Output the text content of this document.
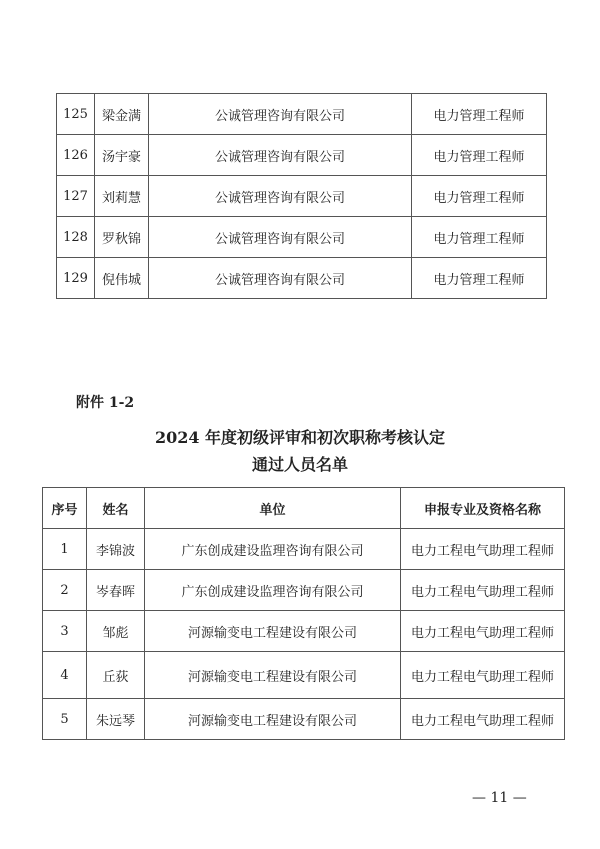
125	梁金满	公诚管理咨询有限公司	电力管理工程师
126	汤宇豪	公诚管理咨询有限公司	电力管理工程师
127	刘莉慧	公诚管理咨询有限公司	电力管理工程师
128	罗秋锦	公诚管理咨询有限公司	电力管理工程师
129	倪伟城	公诚管理咨询有限公司	电力管理工程师
附件 1-2
2024 年度初级评审和初次职称考核认定
通过人员名单
序号	姓名	单位	申报专业及资格名称
1	李锦波	广东创成建设监理咨询有限公司	电力工程电气助理工程师
2	岑春晖	广东创成建设监理咨询有限公司	电力工程电气助理工程师
3	邹彪	河源输变电工程建设有限公司	电力工程电气助理工程师
4	丘荻	河源输变电工程建设有限公司	电力工程电气助理工程师
5	朱远琴	河源输变电工程建设有限公司	电力工程电气助理工程师
— 11 —
